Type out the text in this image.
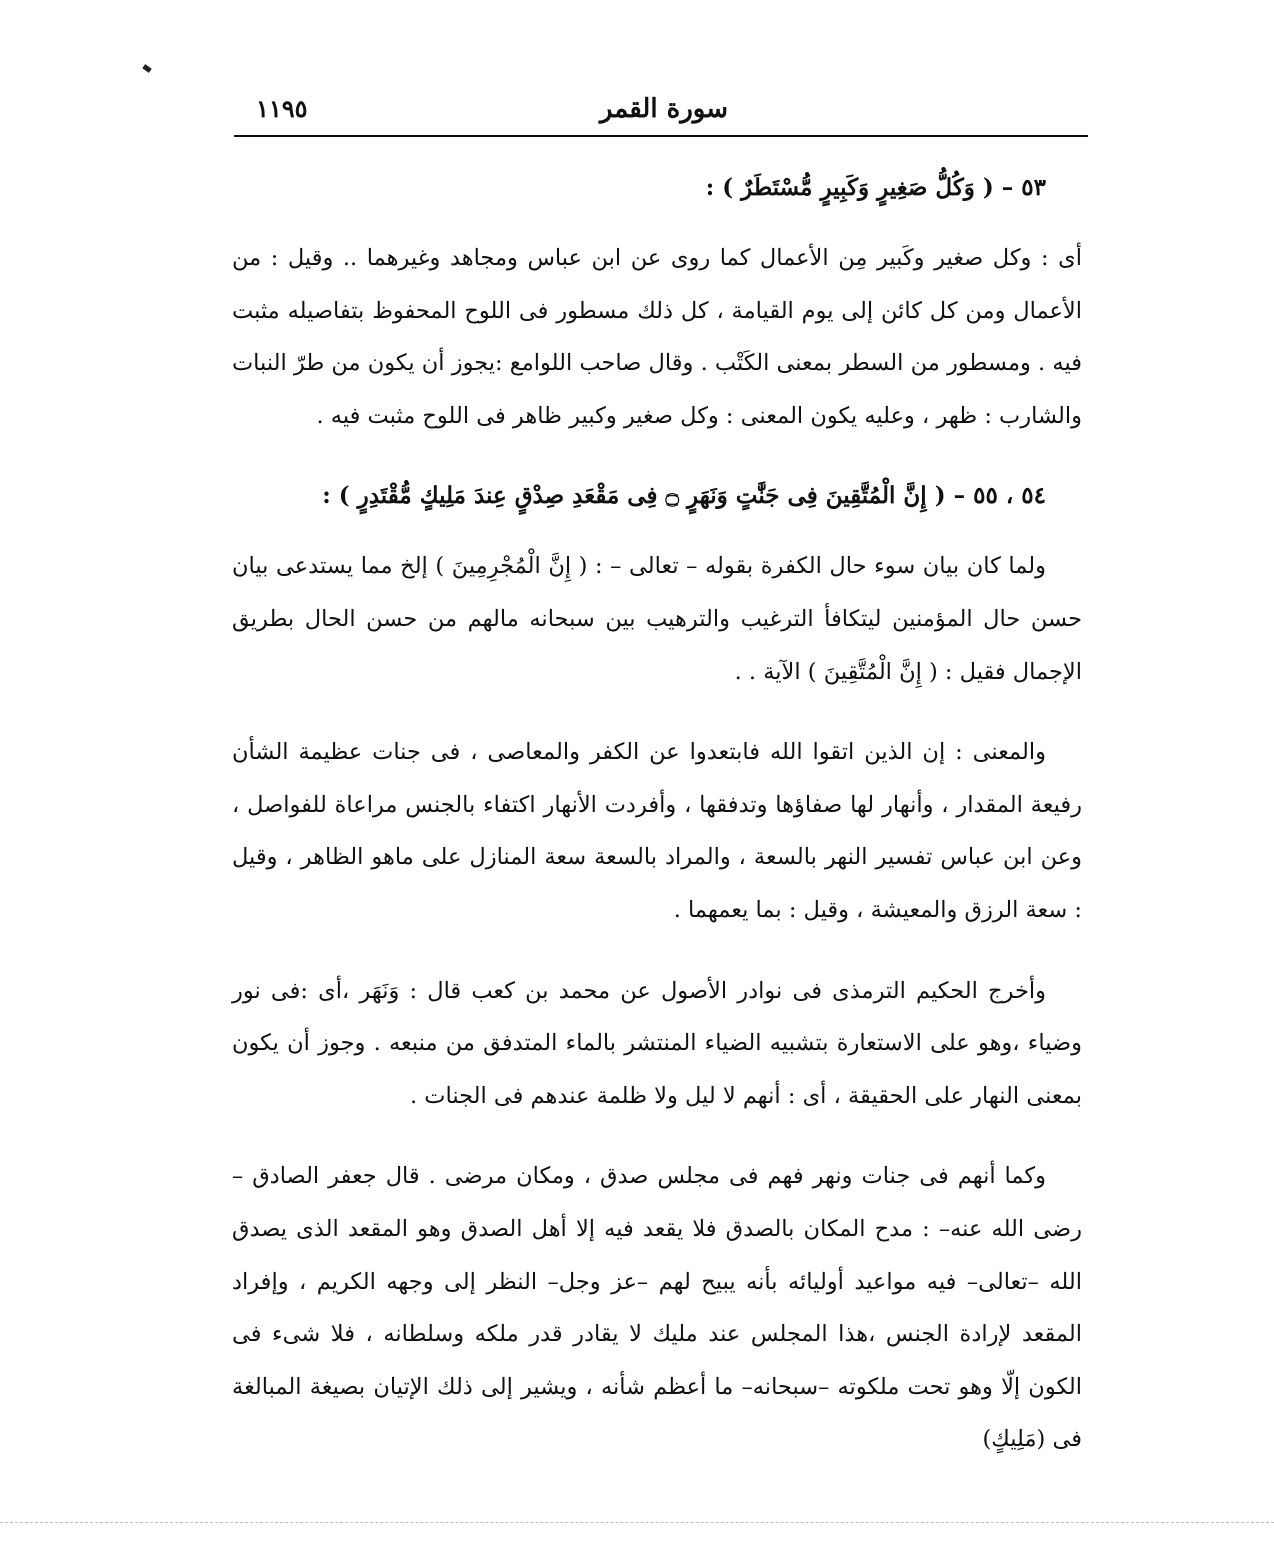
سورة القمر
١١٩٥
٥٣ – ( وَكُلُّ صَغِيرٍ وَكَبِيرٍ مُّسْتَطَرٌ ) :

أى : وكل صغير وكَبير مِن الأعمال كما روى عن ابن عباس ومجاهد وغيرهما .. وقيل : من الأعمال ومن كل كائن إلى يوم القيامة ، كل ذلك مسطور فى اللوح المحفوظ بتفاصيله مثبت فيه . ومسطور من السطر بمعنى الكَتْب . وقال صاحب اللوامع :يجوز أن يكون من طرّ النبات والشارب : ظهر ، وعليه يكون المعنى : وكل صغير وكبير ظاهر فى اللوح مثبت فيه .

٥٤ ، ٥٥ – ( إِنَّ الْمُتَّقِينَ فِى جَنَّٰتٍ وَنَهَرٍ ۝ فِى مَقْعَدِ صِدْقٍ عِندَ مَلِيكٍ مُّقْتَدِرٍ ) :

ولما كان بيان سوء حال الكفرة بقوله – تعالى – : ( إِنَّ الْمُجْرِمِينَ ) إلخ مما يستدعى بيان حسن حال المؤمنين ليتكافأ الترغيب والترهيب بين سبحانه مالهم من حسن الحال بطريق الإجمال فقيل : ( إِنَّ الْمُتَّقِينَ ) الآية . .

والمعنى : إن الذين اتقوا الله فابتعدوا عن الكفر والمعاصى ، فى جنات عظيمة الشأن رفيعة المقدار ، وأنهار لها صفاؤها وتدفقها ، وأفردت الأنهار اكتفاء بالجنس مراعاة للفواصل ، وعن ابن عباس تفسير النهر بالسعة ، والمراد بالسعة سعة المنازل على ماهو الظاهر ، وقيل : سعة الرزق والمعيشة ، وقيل : بما يعمهما .

وأخرج الحكيم الترمذى فى نوادر الأصول عن محمد بن كعب قال : وَنَهَر ،أى :فى نور وضياء ،وهو على الاستعارة بتشبيه الضياء المنتشر بالماء المتدفق من منبعه . وجوز أن يكون بمعنى النهار على الحقيقة ، أى : أنهم لا ليل ولا ظلمة عندهم فى الجنات .

وكما أنهم فى جنات ونهر فهم فى مجلس صدق ، ومكان مرضى . قال جعفر الصادق –رضى الله عنه– : مدح المكان بالصدق فلا يقعد فيه إلا أهل الصدق وهو المقعد الذى يصدق الله –تعالى– فيه مواعيد أوليائه بأنه يبيح لهم –عز وجل– النظر إلى وجهه الكريم ، وإفراد المقعد لإرادة الجنس ،هذا المجلس عند مليك لا يقادر قدر ملكه وسلطانه ، فلا شىء فى الكون إلّا وهو تحت ملكوته –سبحانه– ما أعظم شأنه ، ويشير إلى ذلك الإتيان بصيغة المبالغة فى (مَلِيكٍ)
